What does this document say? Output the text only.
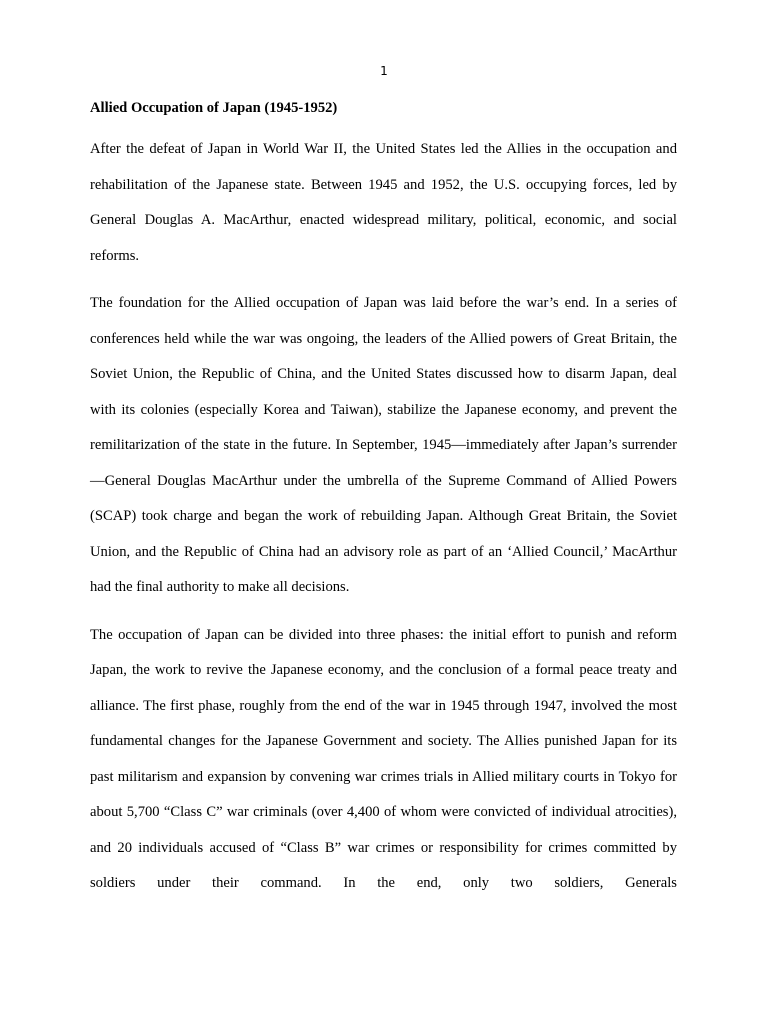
1
Allied Occupation of Japan (1945-1952)

After the defeat of Japan in World War II, the United States led the Allies in the occupation and rehabilitation of the Japanese state. Between 1945 and 1952, the U.S. occupying forces, led by General Douglas A. MacArthur, enacted widespread military, political, economic, and social reforms.

The foundation for the Allied occupation of Japan was laid before the war’s end. In a series of conferences held while the war was ongoing, the leaders of the Allied powers of Great Britain, the Soviet Union, the Republic of China, and the United States discussed how to disarm Japan, deal with its colonies (especially Korea and Taiwan), stabilize the Japanese economy, and prevent the remilitarization of the state in the future. In September, 1945—immediately after Japan’s surrender—General Douglas MacArthur under the umbrella of the Supreme Command of Allied Powers (SCAP) took charge and began the work of rebuilding Japan. Although Great Britain, the Soviet Union, and the Republic of China had an advisory role as part of an ‘Allied Council,’ MacArthur had the final authority to make all decisions.

The occupation of Japan can be divided into three phases: the initial effort to punish and reform Japan, the work to revive the Japanese economy, and the conclusion of a formal peace treaty and alliance. The first phase, roughly from the end of the war in 1945 through 1947, involved the most fundamental changes for the Japanese Government and society. The Allies punished Japan for its past militarism and expansion by convening war crimes trials in Allied military courts in Tokyo for about 5,700 “Class C” war criminals (over 4,400 of whom were convicted of individual atrocities), and 20 individuals accused of “Class B” war crimes or responsibility for crimes committed by soldiers under their command. In the end, only two soldiers, Generals
